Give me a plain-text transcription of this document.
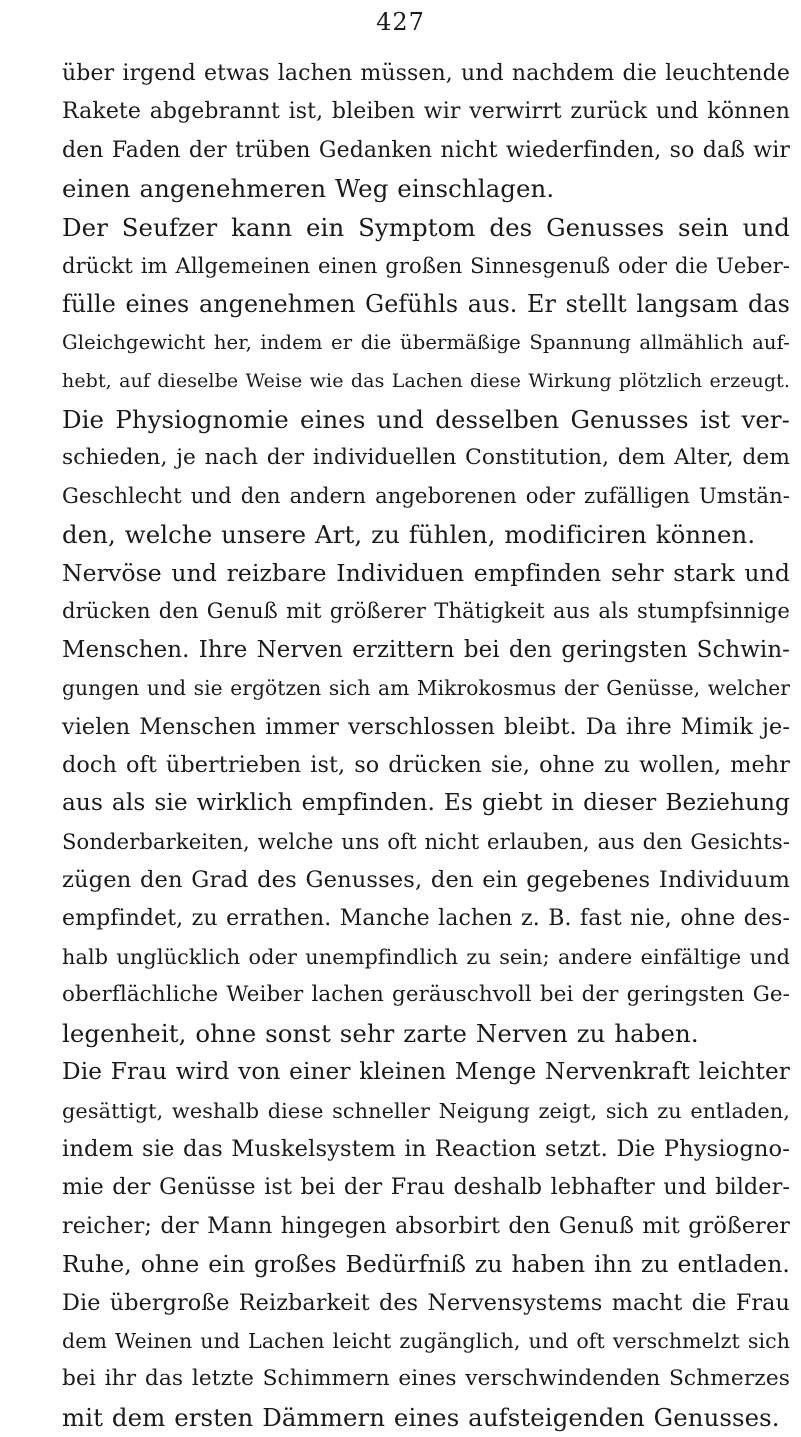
427
über irgend etwas lachen müssen, und nachdem die leuchtende
Rakete abgebrannt ist, bleiben wir verwirrt zurück und können
den Faden der trüben Gedanken nicht wiederfinden, so daß wir
einen angenehmeren Weg einschlagen.
Der Seufzer kann ein Symptom des Genusses sein und
drückt im Allgemeinen einen großen Sinnesgenuß oder die Ueber-
fülle eines angenehmen Gefühls aus. Er stellt langsam das
Gleichgewicht her, indem er die übermäßige Spannung allmählich auf-
hebt, auf dieselbe Weise wie das Lachen diese Wirkung plötzlich erzeugt.
Die Physiognomie eines und desselben Genusses ist ver-
schieden, je nach der individuellen Constitution, dem Alter, dem
Geschlecht und den andern angeborenen oder zufälligen Umstän-
den, welche unsere Art, zu fühlen, modificiren können.
Nervöse und reizbare Individuen empfinden sehr stark und
drücken den Genuß mit größerer Thätigkeit aus als stumpfsinnige
Menschen. Ihre Nerven erzittern bei den geringsten Schwin-
gungen und sie ergötzen sich am Mikrokosmus der Genüsse, welcher
vielen Menschen immer verschlossen bleibt. Da ihre Mimik je-
doch oft übertrieben ist, so drücken sie, ohne zu wollen, mehr
aus als sie wirklich empfinden. Es giebt in dieser Beziehung
Sonderbarkeiten, welche uns oft nicht erlauben, aus den Gesichts-
zügen den Grad des Genusses, den ein gegebenes Individuum
empfindet, zu errathen. Manche lachen z. B. fast nie, ohne des-
halb unglücklich oder unempfindlich zu sein; andere einfältige und
oberflächliche Weiber lachen geräuschvoll bei der geringsten Ge-
legenheit, ohne sonst sehr zarte Nerven zu haben.
Die Frau wird von einer kleinen Menge Nervenkraft leichter
gesättigt, weshalb diese schneller Neigung zeigt, sich zu entladen,
indem sie das Muskelsystem in Reaction setzt. Die Physiogno-
mie der Genüsse ist bei der Frau deshalb lebhafter und bilder-
reicher; der Mann hingegen absorbirt den Genuß mit größerer
Ruhe, ohne ein großes Bedürfniß zu haben ihn zu entladen.
Die übergroße Reizbarkeit des Nervensystems macht die Frau
dem Weinen und Lachen leicht zugänglich, und oft verschmelzt sich
bei ihr das letzte Schimmern eines verschwindenden Schmerzes
mit dem ersten Dämmern eines aufsteigenden Genusses.
